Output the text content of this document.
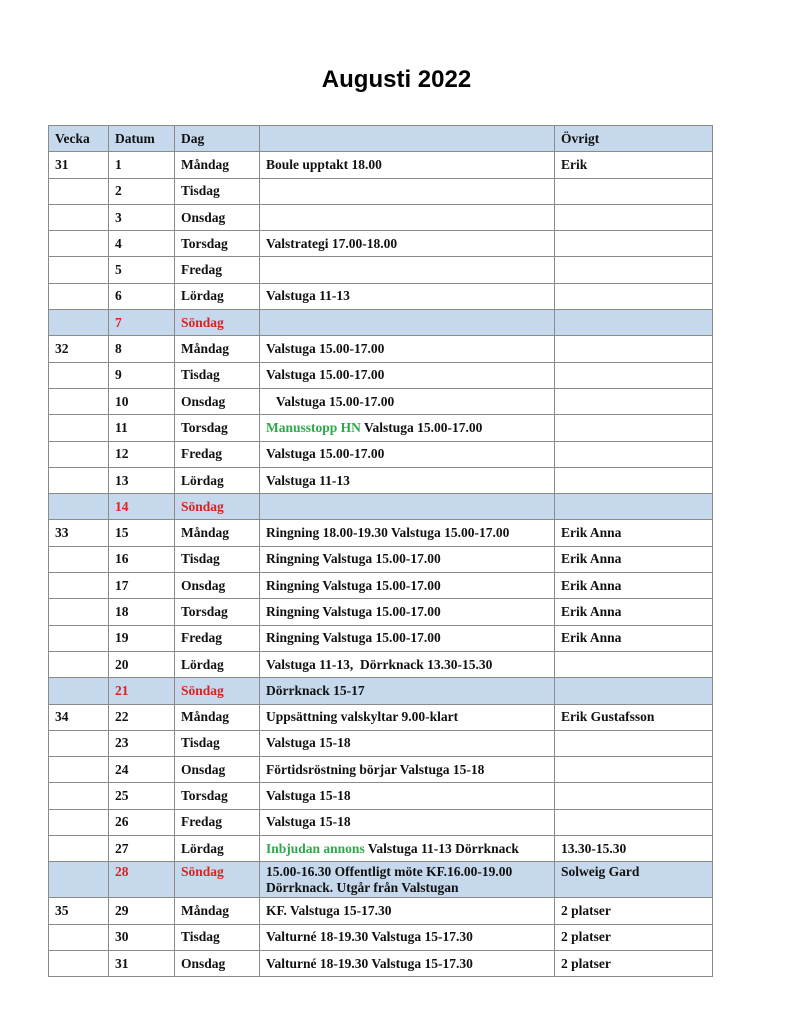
Augusti 2022
Vecka	Datum	Dag		Övrigt
31	1	Måndag	Boule upptakt 18.00	Erik
	2	Tisdag		
	3	Onsdag		
	4	Torsdag	Valstrategi 17.00-18.00	
	5	Fredag		
	6	Lördag	Valstuga 11-13	
	7	Söndag		
32	8	Måndag	Valstuga 15.00-17.00	
	9	Tisdag	Valstuga 15.00-17.00	
	10	Onsdag	Valstuga 15.00-17.00	
	11	Torsdag	Manusstopp HN Valstuga 15.00-17.00	
	12	Fredag	Valstuga 15.00-17.00	
	13	Lördag	Valstuga 11-13	
	14	Söndag		
33	15	Måndag	Ringning 18.00-19.30 Valstuga 15.00-17.00	Erik Anna
	16	Tisdag	Ringning Valstuga 15.00-17.00	Erik Anna
	17	Onsdag	Ringning Valstuga 15.00-17.00	Erik Anna
	18	Torsdag	Ringning Valstuga 15.00-17.00	Erik Anna
	19	Fredag	Ringning Valstuga 15.00-17.00	Erik Anna
	20	Lördag	Valstuga 11-13,  Dörrknack 13.30-15.30	
	21	Söndag	Dörrknack 15-17	
34	22	Måndag	Uppsättning valskyltar 9.00-klart	Erik Gustafsson
	23	Tisdag	Valstuga 15-18	
	24	Onsdag	Förtidsröstning börjar Valstuga 15-18	
	25	Torsdag	Valstuga 15-18	
	26	Fredag	Valstuga 15-18	
	27	Lördag	Inbjudan annons Valstuga 11-13 Dörrknack	13.30-15.30
	28	Söndag	15.00-16.30 Offentligt möte KF.16.00-19.00 Dörrknack. Utgår från Valstugan	Solweig Gard
35	29	Måndag	KF. Valstuga 15-17.30	2 platser
	30	Tisdag	Valturné 18-19.30 Valstuga 15-17.30	2 platser
	31	Onsdag	Valturné 18-19.30 Valstuga 15-17.30	2 platser
